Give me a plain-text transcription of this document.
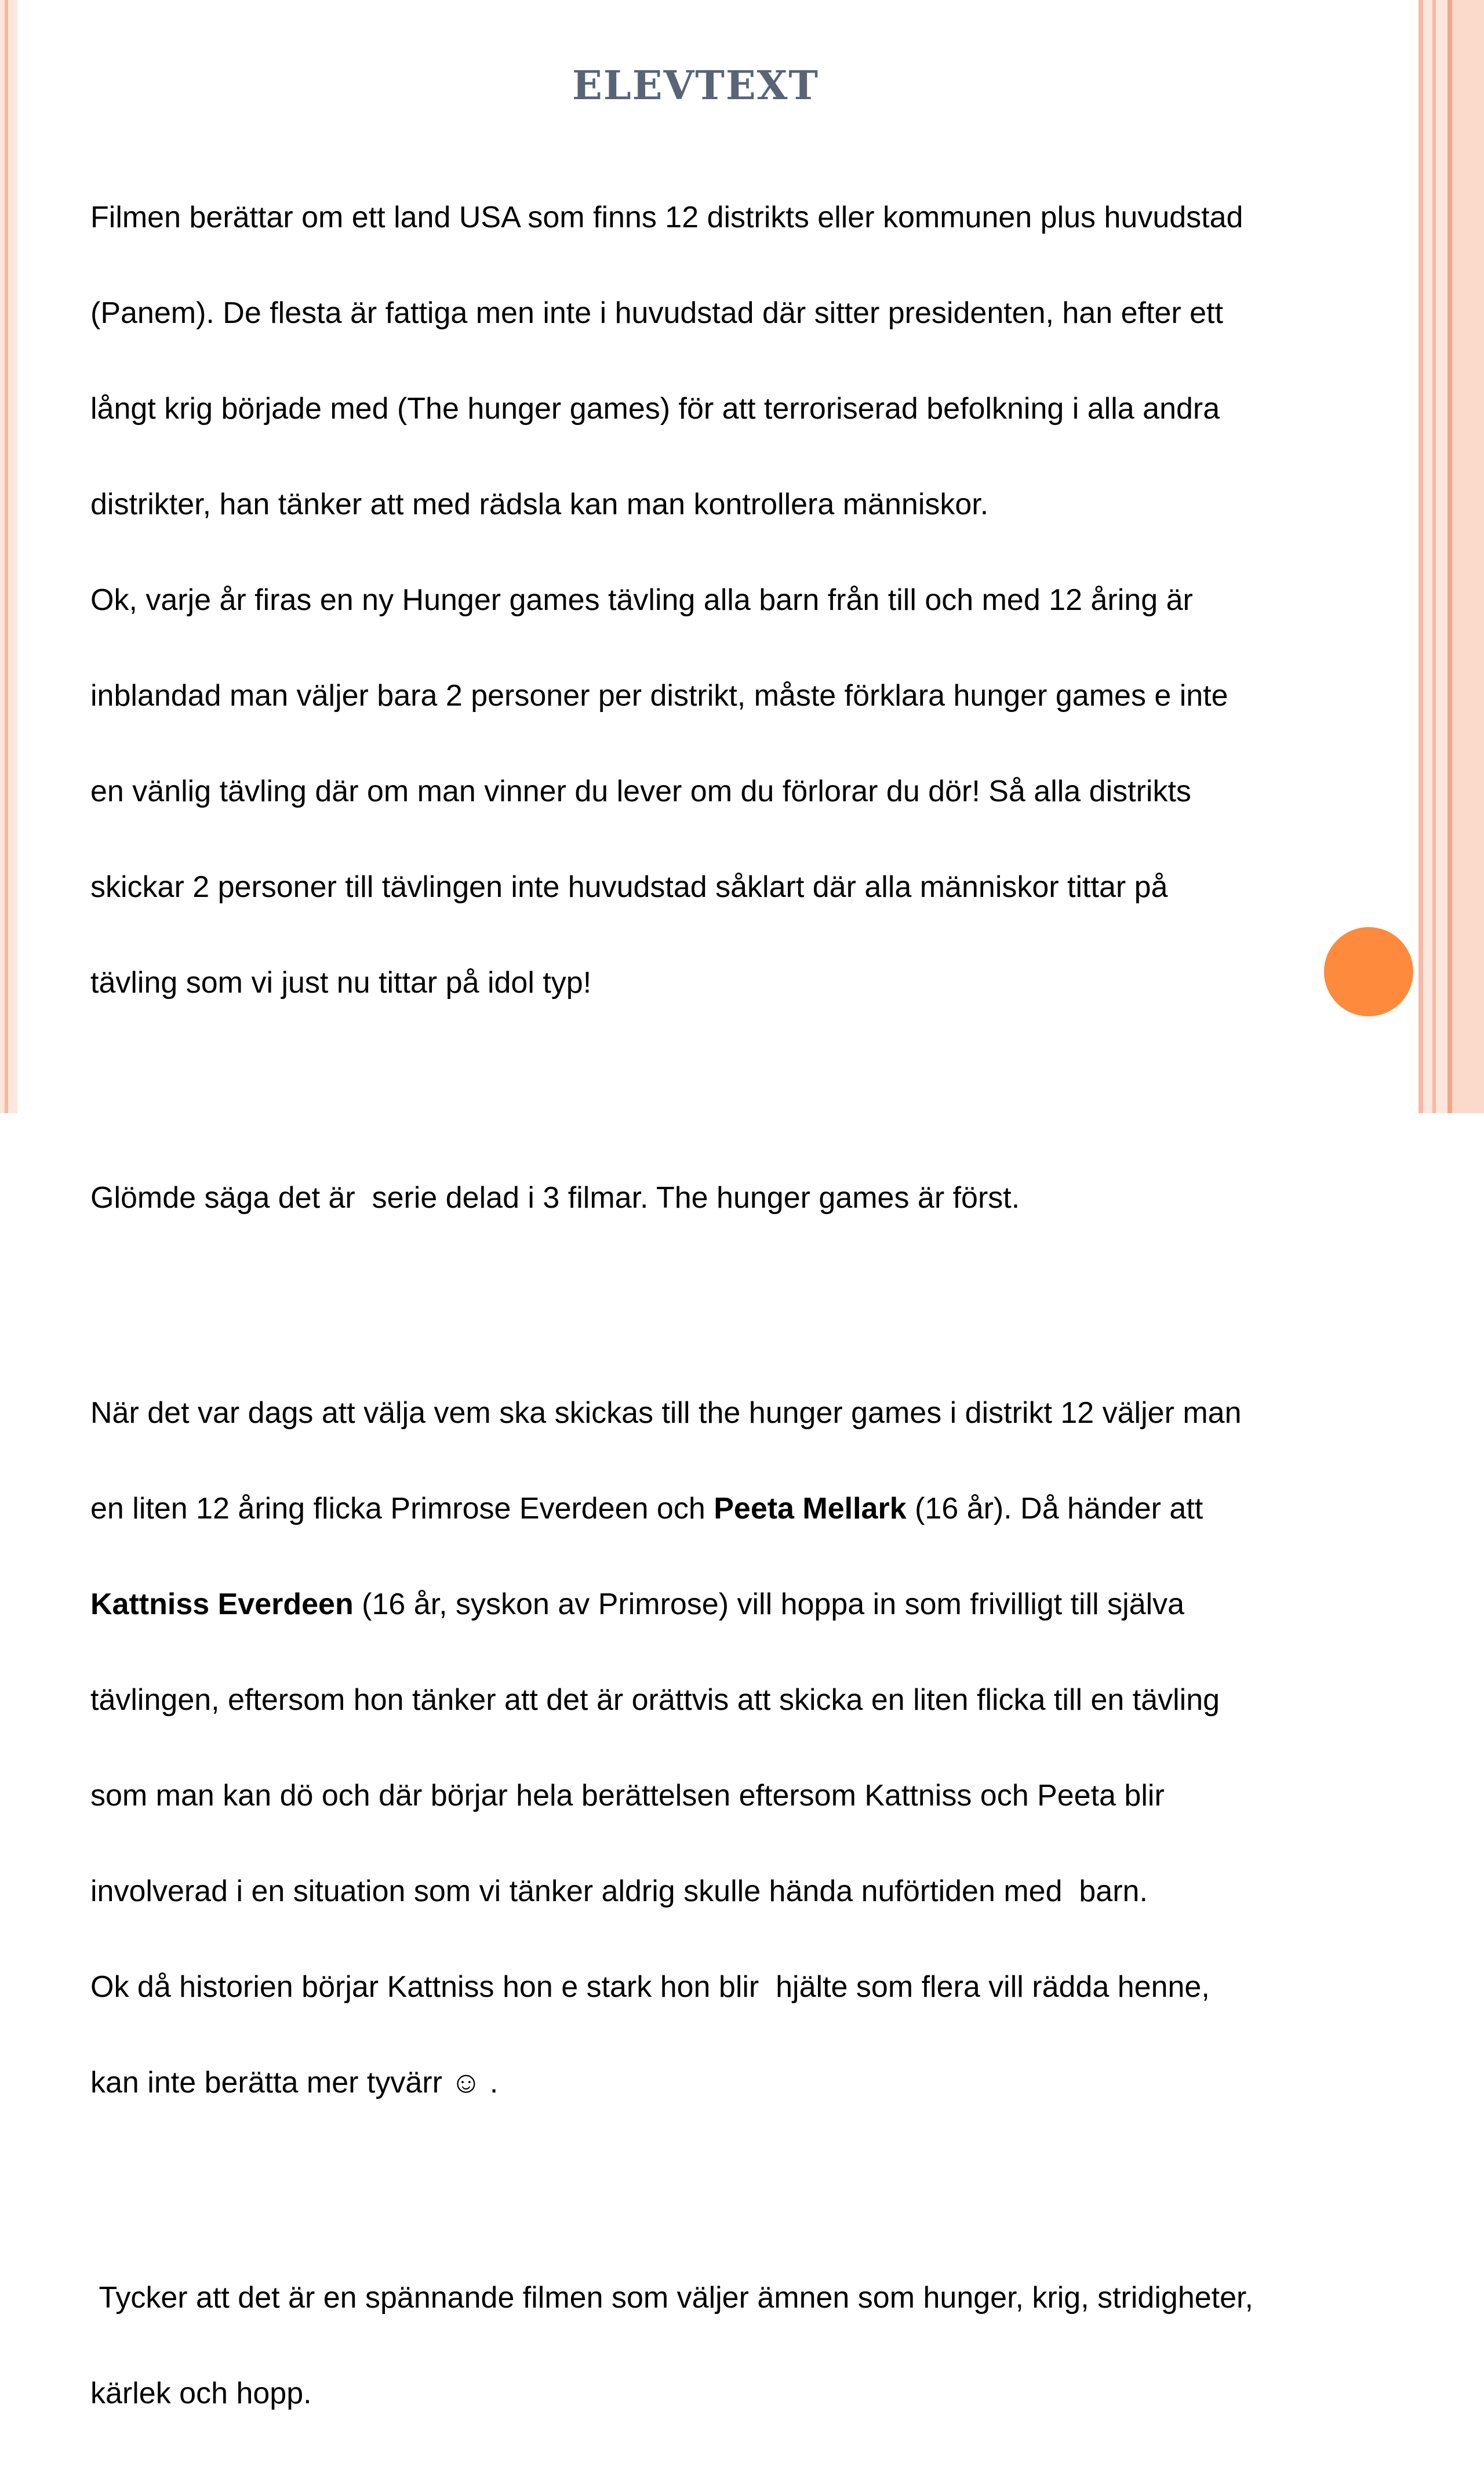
ELEVTEXT

Filmen berättar om ett land USA som finns 12 distrikts eller kommunen plus huvudstad

(Panem). De flesta är fattiga men inte i huvudstad där sitter presidenten, han efter ett

långt krig började med (The hunger games) för att terroriserad befolkning i alla andra

distrikter, han tänker att med rädsla kan man kontrollera människor.

Ok, varje år firas en ny Hunger games tävling alla barn från till och med 12 åring är

inblandad man väljer bara 2 personer per distrikt, måste förklara hunger games e inte

en vänlig tävling där om man vinner du lever om du förlorar du dör! Så alla distrikts

skickar 2 personer till tävlingen inte huvudstad såklart där alla människor tittar på

tävling som vi just nu tittar på idol typ!

Glömde säga det är  serie delad i 3 filmar. The hunger games är först.

När det var dags att välja vem ska skickas till the hunger games i distrikt 12 väljer man

en liten 12 åring flicka Primrose Everdeen och Peeta Mellark (16 år). Då händer att

Kattniss Everdeen (16 år, syskon av Primrose) vill hoppa in som frivilligt till själva

tävlingen, eftersom hon tänker att det är orättvis att skicka en liten flicka till en tävling

som man kan dö och där börjar hela berättelsen eftersom Kattniss och Peeta blir

involverad i en situation som vi tänker aldrig skulle hända nuförtiden med  barn.

Ok då historien börjar Kattniss hon e stark hon blir  hjälte som flera vill rädda henne,

kan inte berätta mer tyvärr ☺ .

Tycker att det är en spännande filmen som väljer ämnen som hunger, krig, stridigheter,

kärlek och hopp.
